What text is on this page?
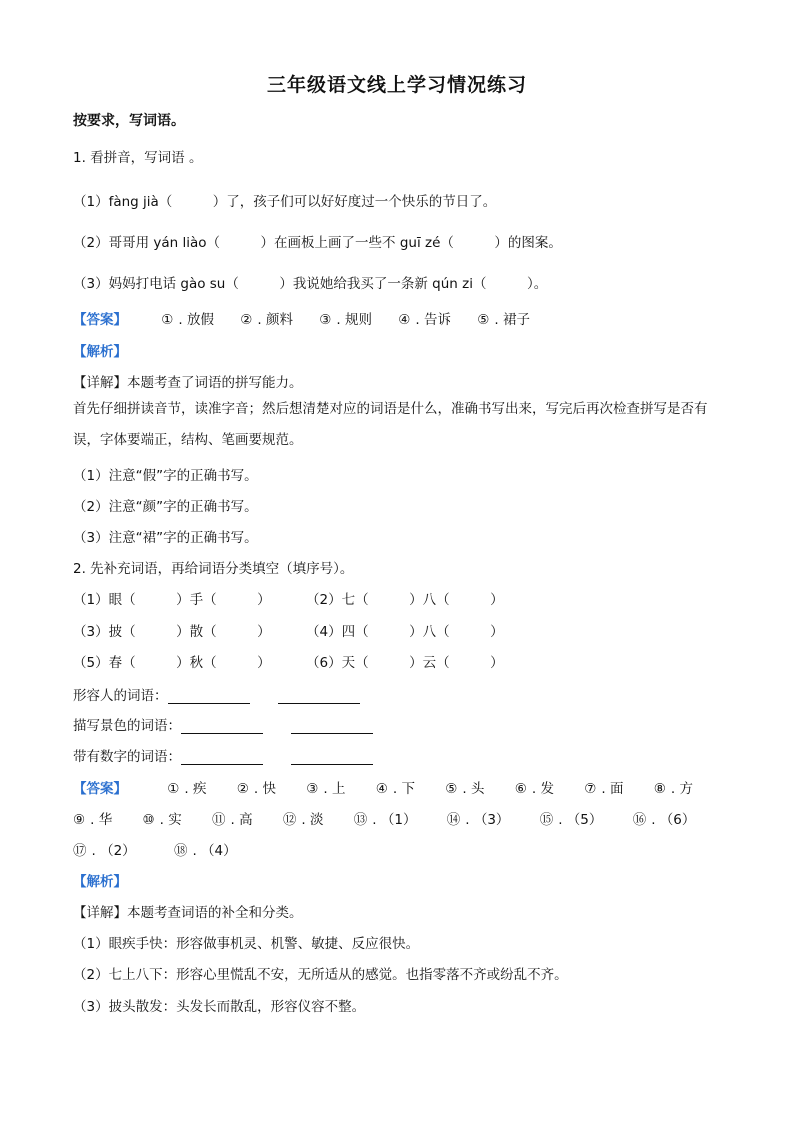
三年级语文线上学习情况练习
按要求，写词语。
1. 看拼音，写词语 。
（1）fàng jià（　　　）了，孩子们可以好好度过一个快乐的节日了。
（2）哥哥用 yán liào（　　　）在画板上画了一些不 guī zé（　　　）的图案。
（3）妈妈打电话 gào su（　　　）我说她给我买了一条新 qún zi（　　　）。
【答案】	① . 放假 ② . 颜料 ③ . 规则 ④ . 告诉 ⑤ . 裙子
【解析】
【详解】本题考查了词语的拼写能力。
首先仔细拼读音节，读准字音；然后想清楚对应的词语是什么，准确书写出来，写完后再次检查拼写是否有误，字体要端正，结构、笔画要规范。
（1）注意“假”字的正确书写。
（2）注意“颜”字的正确书写。
（3）注意“裙”字的正确书写。
2. 先补充词语，再给词语分类填空（填序号）。
（1）眼（　　　）手（　　　）	（2）七（　　　）八（　　　）
（3）披（　　　）散（　　　）	（4）四（　　　）八（　　　）
（5）春（　　　）秋（　　　）	（6）天（　　　）云（　　　）
形容人的词语：
描写景色的词语：
带有数字的词语：
【答案】	① . 疾 ② . 快 ③ . 上 ④ . 下 ⑤ . 头 ⑥ . 发 ⑦ . 面 ⑧ . 方
⑨ . 华 ⑩ . 实 ⑪ . 高 ⑫ . 淡 ⑬ . （1） ⑭ . （3） ⑮ . （5） ⑯ . （6）
⑰ . （2）	⑱ . （4）
【解析】
【详解】本题考查词语的补全和分类。
（1）眼疾手快：形容做事机灵、机警、敏捷、反应很快。
（2）七上八下：形容心里慌乱不安，无所适从的感觉。也指零落不齐或纷乱不齐。
（3）披头散发：头发长而散乱，形容仪容不整。
